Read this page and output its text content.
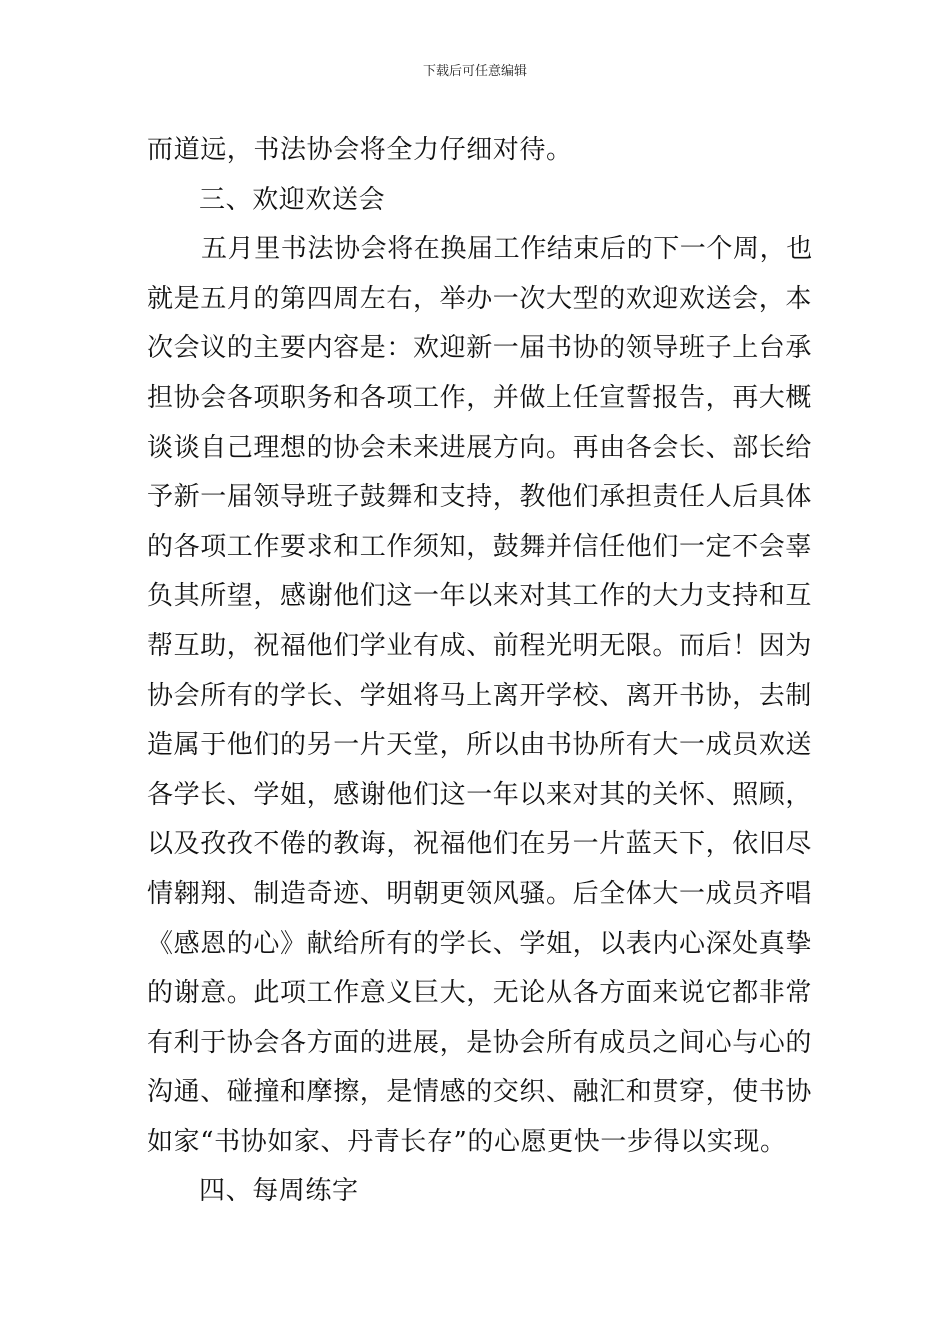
下载后可任意编辑
而道远，书法协会将全力仔细对待。
三、欢迎欢送会
五月里书法协会将在换届工作结束后的下一个周，也
就是五月的第四周左右，举办一次大型的欢迎欢送会，本
次会议的主要内容是：欢迎新一届书协的领导班子上台承
担协会各项职务和各项工作，并做上任宣誓报告，再大概
谈谈自己理想的协会未来进展方向。再由各会长、部长给
予新一届领导班子鼓舞和支持，教他们承担责任人后具体
的各项工作要求和工作须知，鼓舞并信任他们一定不会辜
负其所望，感谢他们这一年以来对其工作的大力支持和互
帮互助，祝福他们学业有成、前程光明无限。而后！因为
协会所有的学长、学姐将马上离开学校、离开书协，去制
造属于他们的另一片天堂，所以由书协所有大一成员欢送
各学长、学姐，感谢他们这一年以来对其的关怀、照顾，
以及孜孜不倦的教诲，祝福他们在另一片蓝天下，依旧尽
情翱翔、制造奇迹、明朝更领风骚。后全体大一成员齐唱
《感恩的心》献给所有的学长、学姐，以表内心深处真挚
的谢意。此项工作意义巨大，无论从各方面来说它都非常
有利于协会各方面的进展，是协会所有成员之间心与心的
沟通、碰撞和摩擦，是情感的交织、融汇和贯穿，使书协
如家“书协如家、丹青长存”的心愿更快一步得以实现。
四、每周练字
